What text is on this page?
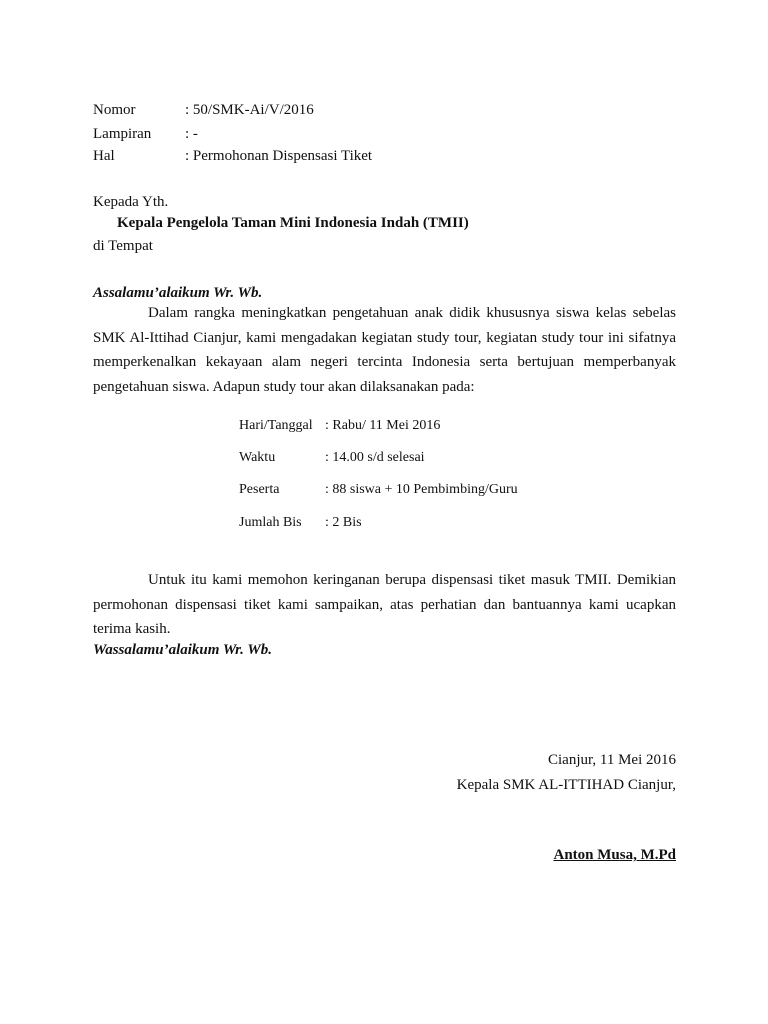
Nomor	: 50/SMK-Ai/V/2016
Lampiran : -
Hal	: Permohonan Dispensasi Tiket
Kepada Yth.
Kepala Pengelola Taman Mini Indonesia Indah (TMII)
di Tempat
Assalamu’alaikum Wr. Wb.
Dalam rangka meningkatkan pengetahuan anak didik khususnya siswa kelas sebelas SMK Al-Ittihad Cianjur, kami mengadakan kegiatan study tour, kegiatan study tour ini sifatnya memperkenalkan kekayaan alam negeri tercinta Indonesia serta bertujuan memperbanyak pengetahuan siswa. Adapun study tour akan dilaksanakan pada:
Hari/Tanggal : Rabu/ 11 Mei 2016
Waktu	: 14.00 s/d selesai
Peserta	: 88 siswa + 10 Pembimbing/Guru
Jumlah Bis : 2 Bis
Untuk itu kami memohon keringanan berupa dispensasi tiket masuk TMII. Demikian permohonan dispensasi tiket kami sampaikan, atas perhatian dan bantuannya kami ucapkan terima kasih.
Wassalamu’alaikum Wr. Wb.
Cianjur, 11 Mei 2016
Kepala SMK AL-ITTIHAD Cianjur,
Anton Musa, M.Pd
